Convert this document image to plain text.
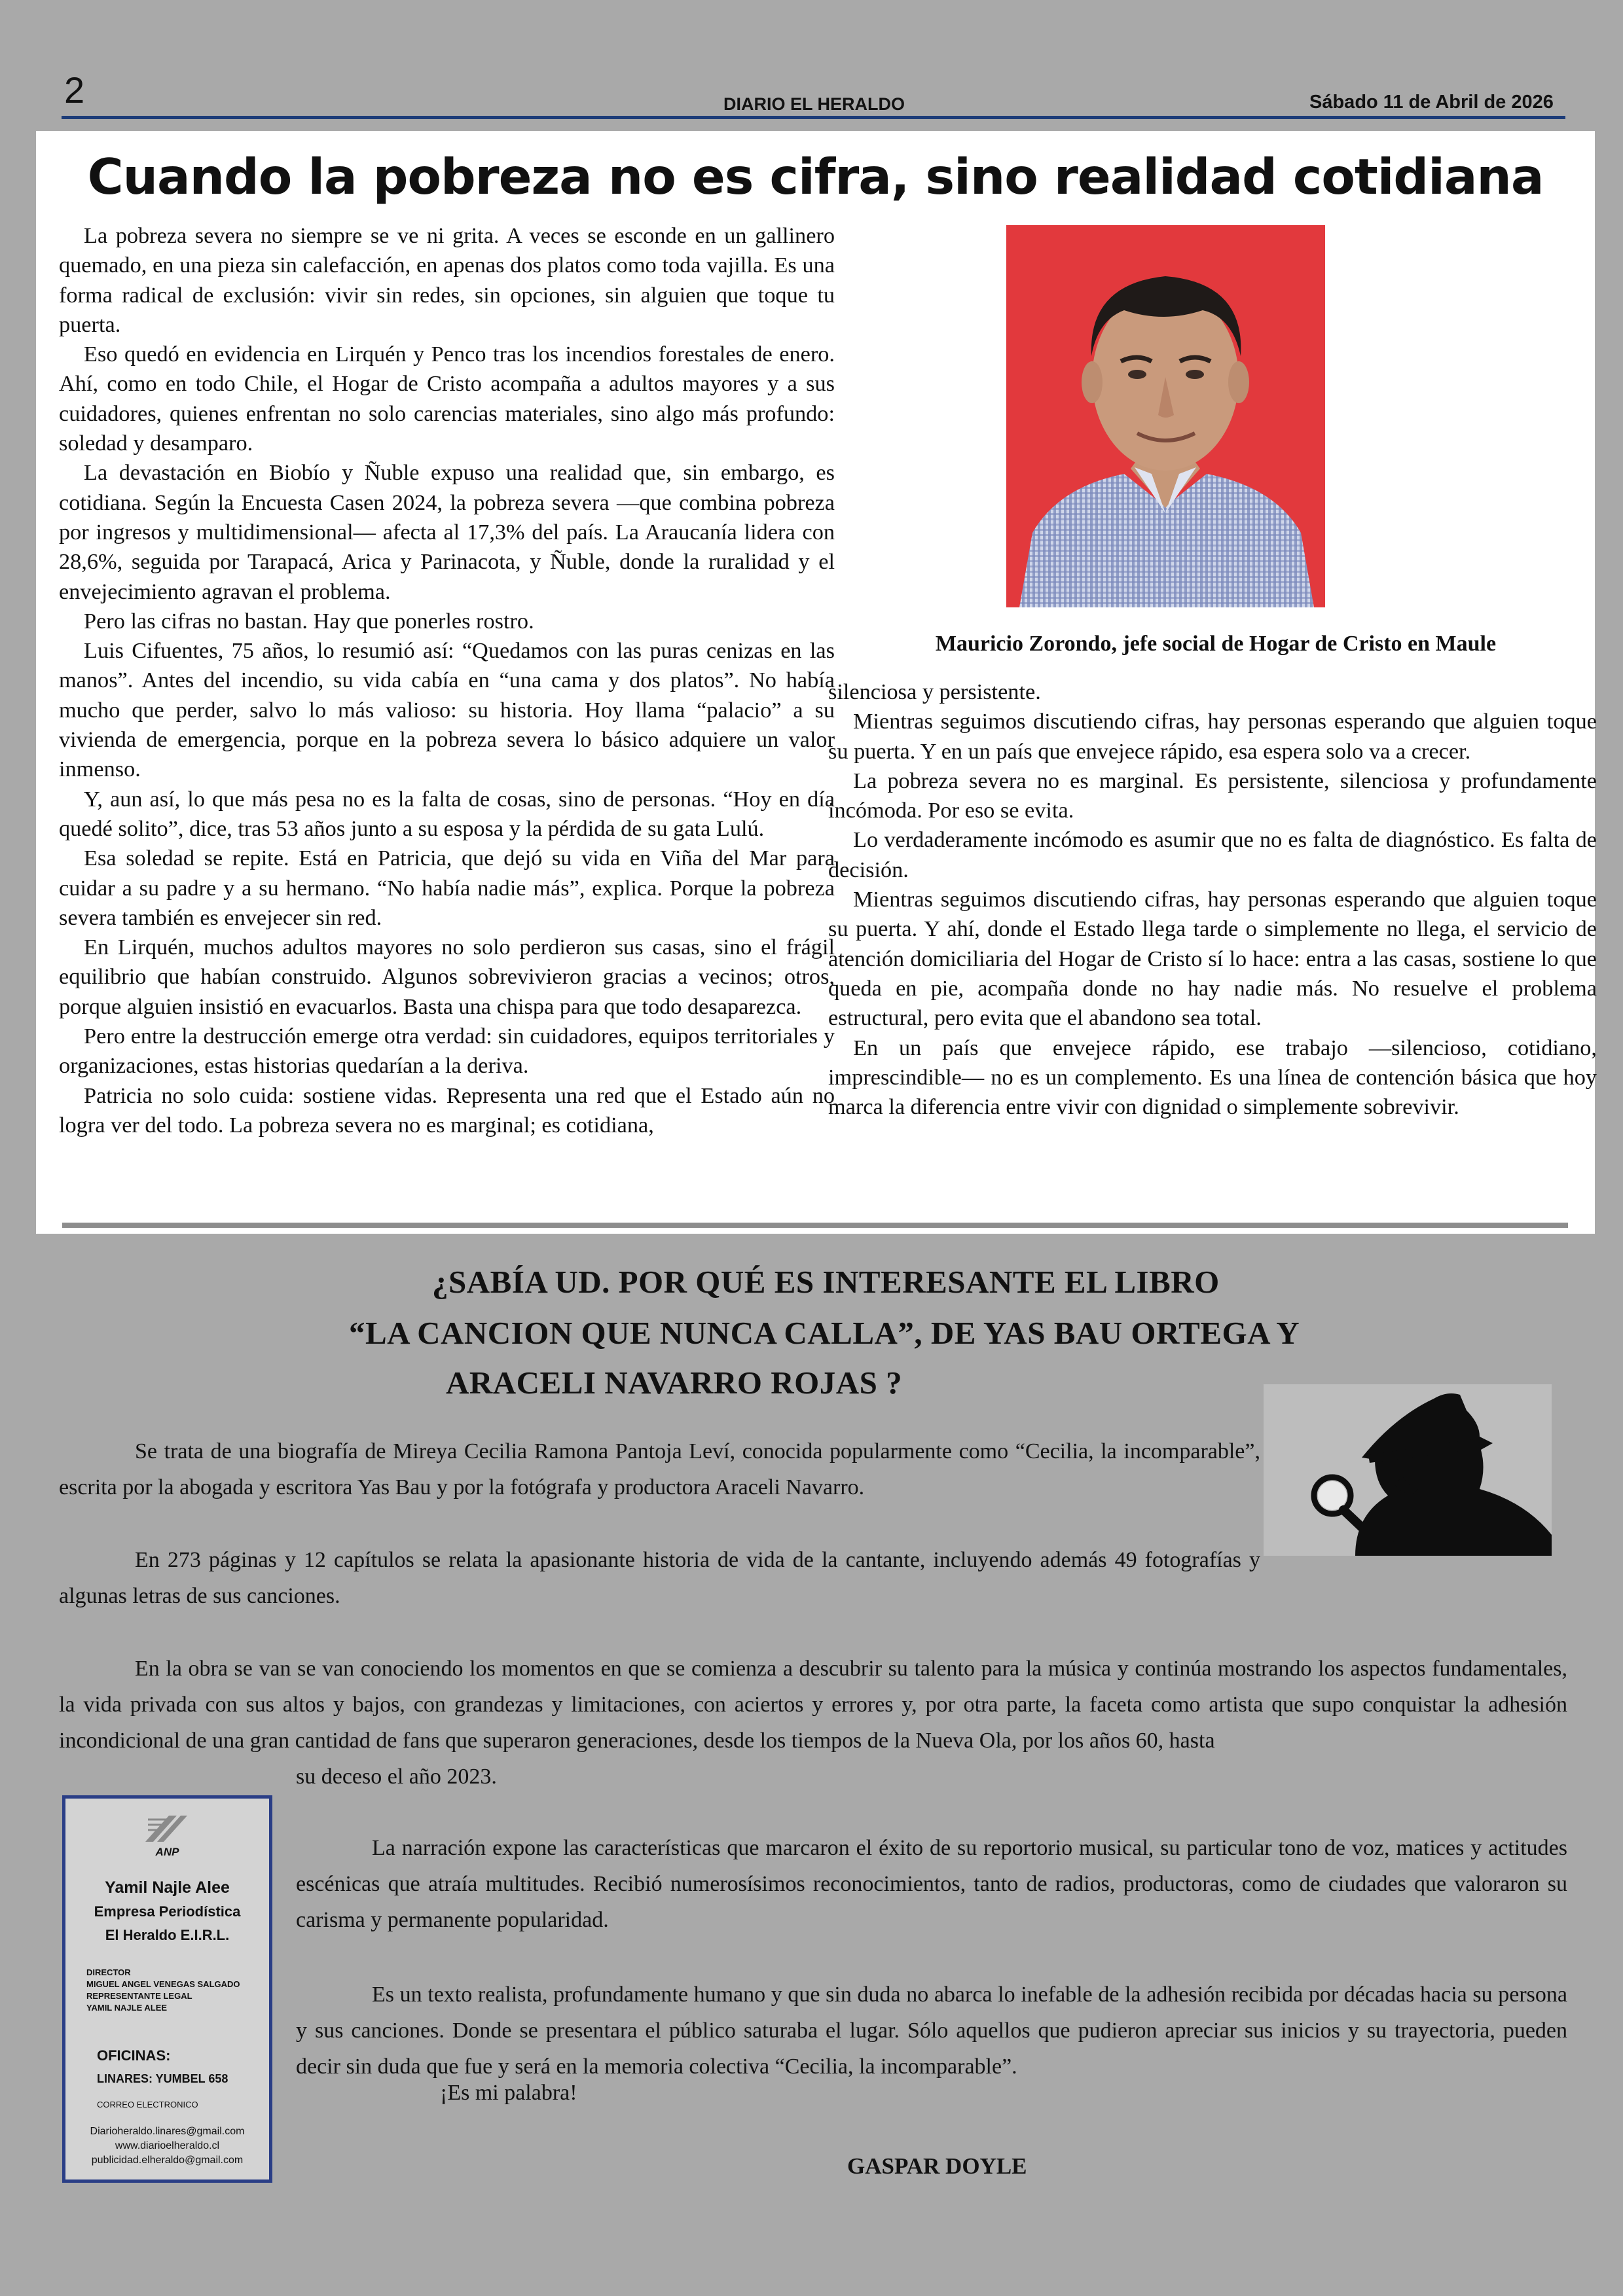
2	DIARIO EL HERALDO	Sábado 11 de Abril de 2026
Cuando la pobreza no es cifra, sino realidad cotidiana

La pobreza severa no siempre se ve ni grita. A veces se esconde en un gallinero quemado, en una pieza sin calefacción, en apenas dos platos como toda vajilla. Es una forma radical de exclusión: vivir sin redes, sin opciones, sin alguien que toque tu puerta.

Eso quedó en evidencia en Lirquén y Penco tras los incendios forestales de enero. Ahí, como en todo Chile, el Hogar de Cristo acompaña a adultos mayores y a sus cuidadores, quienes enfrentan no solo carencias materiales, sino algo más profundo: soledad y desamparo.

La devastación en Biobío y Ñuble expuso una realidad que, sin embargo, es cotidiana. Según la Encuesta Casen 2024, la pobreza severa —que combina pobreza por ingresos y multidimensional— afecta al 17,3% del país. La Araucanía lidera con 28,6%, seguida por Tarapacá, Arica y Parinacota, y Ñuble, donde la ruralidad y el envejecimiento agravan el problema.

Pero las cifras no bastan. Hay que ponerles rostro.

Luis Cifuentes, 75 años, lo resumió así: “Quedamos con las puras cenizas en las manos”. Antes del incendio, su vida cabía en “una cama y dos platos”. No había mucho que perder, salvo lo más valioso: su historia. Hoy llama “palacio” a su vivienda de emergencia, porque en la pobreza severa lo básico adquiere un valor inmenso.

Y, aun así, lo que más pesa no es la falta de cosas, sino de personas. “Hoy en día quedé solito”, dice, tras 53 años junto a su esposa y la pérdida de su gata Lulú.

Esa soledad se repite. Está en Patricia, que dejó su vida en Viña del Mar para cuidar a su padre y a su hermano. “No había nadie más”, explica. Porque la pobreza severa también es envejecer sin red.

En Lirquén, muchos adultos mayores no solo perdieron sus casas, sino el frágil equilibrio que habían construido. Algunos sobrevivieron gracias a vecinos; otros, porque alguien insistió en evacuarlos. Basta una chispa para que todo desaparezca.

Pero entre la destrucción emerge otra verdad: sin cuidadores, equipos territoriales y organizaciones, estas historias quedarían a la deriva.

Patricia no solo cuida: sostiene vidas. Representa una red que el Estado aún no logra ver del todo. La pobreza severa no es marginal; es cotidiana,

Mauricio Zorondo, jefe social de Hogar de Cristo en Maule
silenciosa y persistente.

Mientras seguimos discutiendo cifras, hay personas esperando que alguien toque su puerta. Y en un país que envejece rápido, esa espera solo va a crecer.

La pobreza severa no es marginal. Es persistente, silenciosa y profundamente incómoda. Por eso se evita.

Lo verdaderamente incómodo es asumir que no es falta de diagnóstico. Es falta de decisión.

Mientras seguimos discutiendo cifras, hay personas esperando que alguien toque su puerta. Y ahí, donde el Estado llega tarde o simplemente no llega, el servicio de atención domiciliaria del Hogar de Cristo sí lo hace: entra a las casas, sostiene lo que queda en pie, acompaña donde no hay nadie más. No resuelve el problema estructural, pero evita que el abandono sea total.

En un país que envejece rápido, ese trabajo —silencioso, cotidiano, imprescindible— no es un complemento. Es una línea de contención básica que hoy marca la diferencia entre vivir con dignidad o simplemente sobrevivir.

¿SABÍA UD. POR QUÉ ES INTERESANTE EL LIBRO
“LA CANCION QUE NUNCA CALLA”, DE YAS BAU ORTEGA Y
ARACELI NAVARRO ROJAS ?
Se trata de una biografía de Mireya Cecilia Ramona Pantoja Leví, conocida popularmente como “Cecilia, la incomparable”, escrita por la abogada y escritora Yas Bau y por la fotógrafa y productora Araceli Navarro.
En 273 páginas y 12 capítulos se relata la apasionante historia de vida de la cantante, incluyendo además 49 fotografías y algunas letras de sus canciones.
En la obra se van se van conociendo los momentos en que se comienza a descubrir su talento para la música y continúa mostrando los aspectos fundamentales, la vida privada con sus altos y bajos, con grandezas y limitaciones, con aciertos y errores y, por otra parte, la faceta como artista que supo conquistar la adhesión incondicional de una gran cantidad de fans que superaron generaciones, desde los tiempos de la Nueva Ola, por los años 60, hasta
su deceso el año 2023.
La narración expone las características que marcaron el éxito de su reportorio musical, su particular tono de voz, matices y actitudes escénicas que atraía multitudes. Recibió numerosísimos reconocimientos, tanto de radios, productoras, como de ciudades que valoraron su carisma y permanente popularidad.
Es un texto realista, profundamente humano y que sin duda no abarca lo inefable de la adhesión recibida por décadas hacia su persona y sus canciones. Donde se presentara el público saturaba el lugar. Sólo aquellos que pudieron apreciar sus inicios y su trayectoria, pueden decir sin duda que fue y será en la memoria colectiva “Cecilia, la incomparable”.
¡Es mi palabra!
GASPAR DOYLE
ANP
Yamil Najle Alee
Empresa Periodística
El Heraldo E.I.R.L.
DIRECTOR
MIGUEL ANGEL VENEGAS SALGADO
REPRESENTANTE LEGAL
YAMIL NAJLE ALEE
OFICINAS:
LINARES: YUMBEL 658
CORREO ELECTRONICO
Diarioheraldo.linares@gmail.com
www.diarioelheraldo.cl
publicidad.elheraldo@gmail.com
